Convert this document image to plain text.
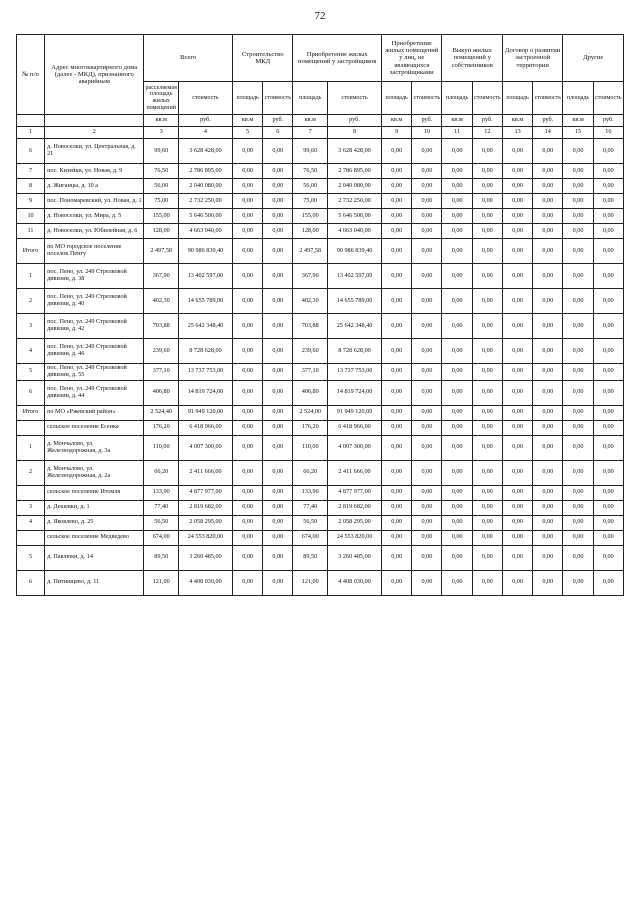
72
№ п/п	Адрес многоквартирного дома (далее - МКД), признанного аварийным	Всего		Строительство МКД		Приобретение жилых помещений у застройщиков		Приобретение жилых помещений у лиц, не являющихся застройщиками		Выкуп жилых помещений у собственников		Договор о развитии застроенной территории		Другие	
		расселяемая площадь жилых помещений	стоимость	площадь	стоимость	площадь	стоимость	площадь	стоимость	площадь	стоимость	площадь	стоимость	площадь	стоимость
		кв.м	руб.	кв.м	руб.	кв.м	руб.	кв.м	руб.	кв.м	руб.	кв.м	руб.	кв.м	руб.
1	2	3	4	5	6	7	8	9	10	11	12	13	14	15	16
6	д. Новоселки, ул. Центральная, д. 21	99,60	3 628 428,00	0,00	0,00	99,60	3 628 428,00	0,00	0,00	0,00	0,00	0,00	0,00	0,00	0,00
7	пос. Кизейки, ул. Новая, д. 9	76,50	2 786 895,00	0,00	0,00	76,50	2 786 895,00	0,00	0,00	0,00	0,00	0,00	0,00	0,00	0,00
8	д. Жиганцы, д. 10 а	56,00	2 040 080,00	0,00	0,00	56,00	2 040 080,00	0,00	0,00	0,00	0,00	0,00	0,00	0,00	0,00
9	пос. Пономаревский, ул. Новая, д. 1	75,00	2 732 250,00	0,00	0,00	75,00	2 732 250,00	0,00	0,00	0,00	0,00	0,00	0,00	0,00	0,00
10	д. Новоселки, ул. Мира, д. 5	155,00	5 646 500,00	0,00	0,00	155,00	5 646 500,00	0,00	0,00	0,00	0,00	0,00	0,00	0,00	0,00
11	д. Новоселки, ул. Юбилейная, д. 6	128,00	4 663 040,00	0,00	0,00	128,00	4 663 040,00	0,00	0,00	0,00	0,00	0,00	0,00	0,00	0,00
Итого	по МО городское поселение поселок Пенгу	2 497,58	90 986 839,40	0,00	0,00	2 497,58	90 986 839,40	0,00	0,00	0,00	0,00	0,00	0,00	0,00	0,00
1	пос. Пено, ул. 249 Стрелковой дивизии, д. 38	367,90	13 402 597,00	0,00	0,00	367,90	13 402 597,00	0,00	0,00	0,00	0,00	0,00	0,00	0,00	0,00
2	пос. Пено, ул. 249 Стрелковой дивизии, д. 40	402,30	14 655 789,00	0,00	0,00	402,30	14 655 789,00	0,00	0,00	0,00	0,00	0,00	0,00	0,00	0,00
3	пос. Пено, ул. 249 Стрелковой дивизии, д. 42	703,88	25 642 348,40	0,00	0,00	703,88	25 642 348,40	0,00	0,00	0,00	0,00	0,00	0,00	0,00	0,00
4	пос. Пено, ул. 249 Стрелковой дивизии, д. 46	239,60	8 728 628,00	0,00	0,00	239,60	8 728 628,00	0,00	0,00	0,00	0,00	0,00	0,00	0,00	0,00
5	пос. Пено, ул. 249 Стрелковой дивизии, д. 55	377,10	13 737 753,00	0,00	0,00	377,10	13 737 753,00	0,00	0,00	0,00	0,00	0,00	0,00	0,00	0,00
6	пос. Пено, ул. 249 Стрелковой дивизии, д. 44	406,80	14 819 724,00	0,00	0,00	406,80	14 819 724,00	0,00	0,00	0,00	0,00	0,00	0,00	0,00	0,00
Итого	по МО «Ржевский район»	2 524,40	91 949 120,00	0,00	0,00	2 524,00	91 949 120,00	0,00	0,00	0,00	0,00	0,00	0,00	0,00	0,00
	сельское поселение Есенка	176,20	6 418 966,00	0,00	0,00	176,20	6 418 966,00	0,00	0,00	0,00	0,00	0,00	0,00	0,00	0,00
1	д. Мончалово, ул. Железнодорожная, д. 3а	110,00	4 007 300,00	0,00	0,00	110,00	4 007 300,00	0,00	0,00	0,00	0,00	0,00	0,00	0,00	0,00
2	д. Мончалово, ул. Железнодорожная, д. 2а	66,20	2 411 666,00	0,00	0,00	66,20	2 411 666,00	0,00	0,00	0,00	0,00	0,00	0,00	0,00	0,00
	сельское поселение Итомля	133,90	4 877 977,00	0,00	0,00	133,90	4 877 977,00	0,00	0,00	0,00	0,00	0,00	0,00	0,00	0,00
3	д. Дешевки, д. 1	77,40	2 819 682,00	0,00	0,00	77,40	2 819 682,00	0,00	0,00	0,00	0,00	0,00	0,00	0,00	0,00
4	д. Яковлево, д. 25	56,50	2 058 295,00	0,00	0,00	56,50	2 058 295,00	0,00	0,00	0,00	0,00	0,00	0,00	0,00	0,00
	сельское поселение Медведево	674,00	24 553 820,00	0,00	0,00	674,00	24 553 820,00	0,00	0,00	0,00	0,00	0,00	0,00	0,00	0,00
5	д. Павлюки, д. 14	89,50	3 260 485,00	0,00	0,00	89,50	3 260 485,00	0,00	0,00	0,00	0,00	0,00	0,00	0,00	0,00
6	д. Питинщево, д. 11	121,00	4 408 030,00	0,00	0,00	121,00	4 408 030,00	0,00	0,00	0,00	0,00	0,00	0,00	0,00	0,00
